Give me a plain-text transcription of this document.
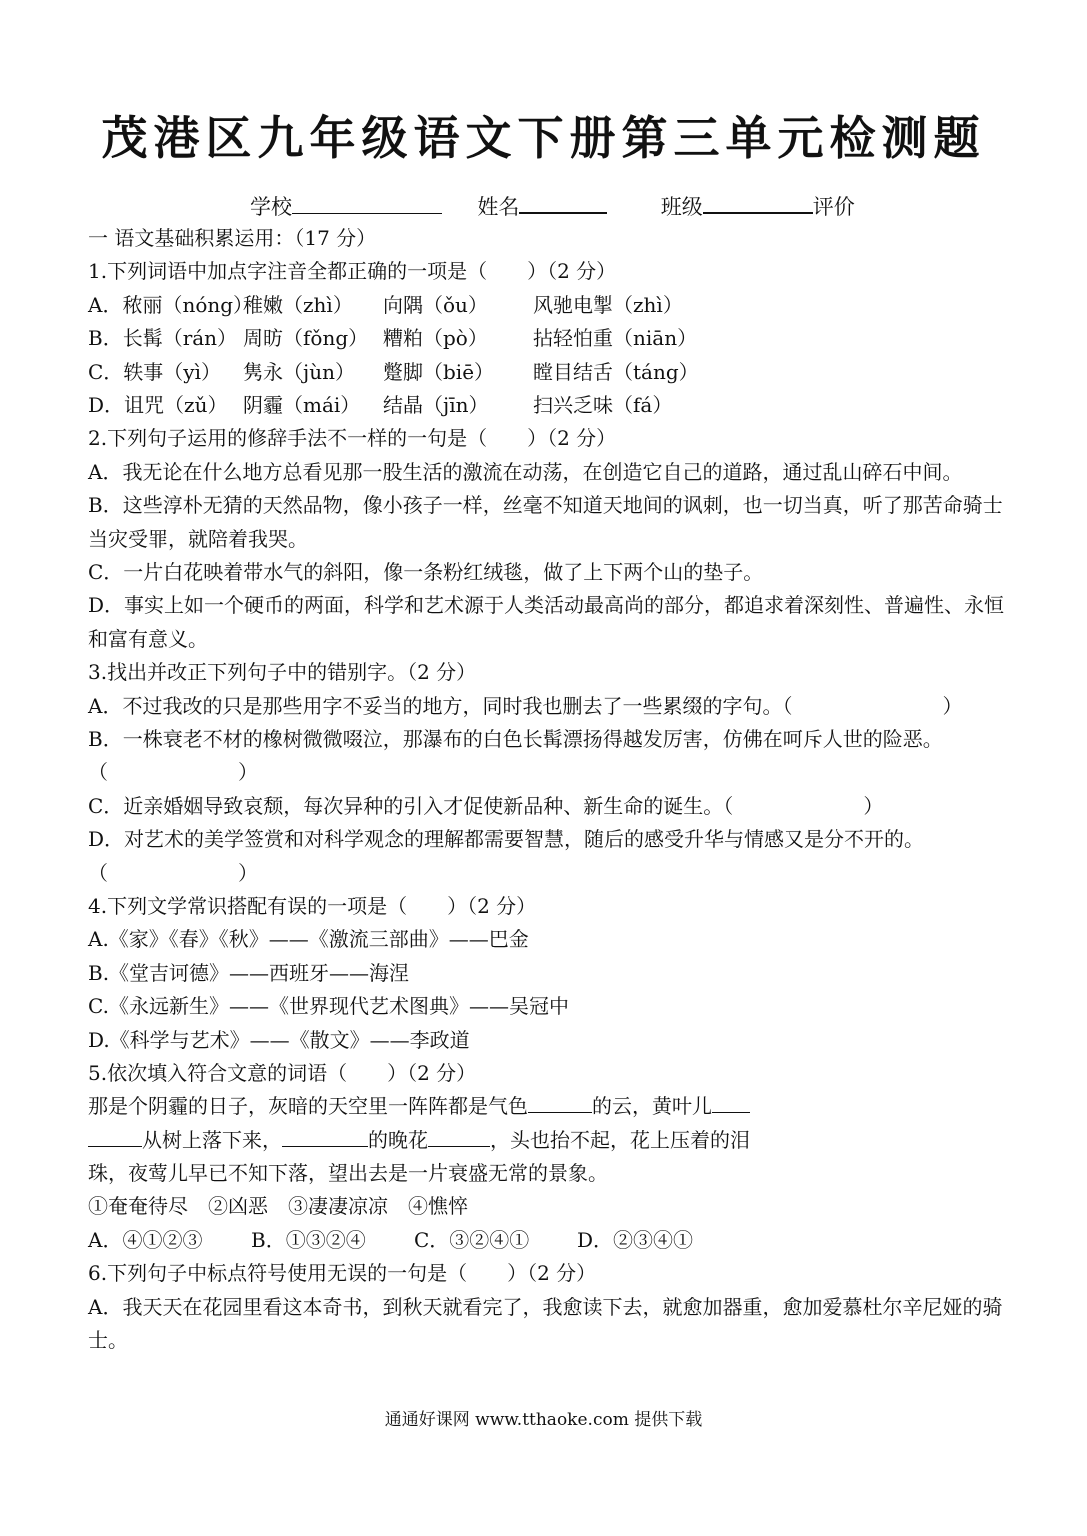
茂港区九年级语文下册第三单元检测题
学校	姓名	班级	评价
一 语文基础积累运用：（17 分）
1.下列词语中加点字注音全都正确的一项是（　　）（2 分）
A．秾丽（nóng）稚嫩（zhì） 向隅（ǒu） 风驰电掣（zhì）
B．长髯（rán） 周昉（fǒng） 糟粕（pò） 拈轻怕重（niān）
C．轶事（yì） 隽永（jùn） 蹩脚（biē） 瞠目结舌（táng）
D．诅咒（zǔ） 阴霾（mái） 结晶（jīn） 扫兴乏味（fá）
2.下列句子运用的修辞手法不一样的一句是（　　）（2 分）
A．我无论在什么地方总看见那一股生活的激流在动荡，在创造它自己的道路，通过乱山碎石中间。
B．这些淳朴无猜的天然品物，像小孩子一样，丝毫不知道天地间的讽刺，也一切当真，听了那苦命骑士当灾受罪，就陪着我哭。
C．一片白花映着带水气的斜阳，像一条粉红绒毯，做了上下两个山的垫子。
D．事实上如一个硬币的两面，科学和艺术源于人类活动最高尚的部分，都追求着深刻性、普遍性、永恒和富有意义。
3.找出并改正下列句子中的错别字。（2 分）
A．不过我改的只是那些用字不妥当的地方，同时我也删去了一些累缀的字句。（	）
B．一株衰老不材的橡树微微啜泣，那瀑布的白色长髯漂扬得越发厉害，仿佛在呵斥人世的险恶。
（	）
C．近亲婚姻导致哀颓，每次异种的引入才促使新品种、新生命的诞生。（	）
D．对艺术的美学签赏和对科学观念的理解都需要智慧，随后的感受升华与情感又是分不开的。
（	）
4.下列文学常识搭配有误的一项是（　　）（2 分）
A.《家》《春》《秋》——《激流三部曲》——巴金
B.《堂吉诃德》——西班牙——海涅
C.《永远新生》——《世界现代艺术图典》——吴冠中
D.《科学与艺术》——《散文》——李政道
5.依次填入符合文意的词语（　　）（2 分）
那是个阴霾的日子，灰暗的天空里一阵阵都是气色	的云，黄叶儿
从树上落下来，	的晚花	，头也抬不起，花上压着的泪
珠，夜莺儿早已不知下落，望出去是一片衰盛无常的景象。
①奄奄待尽　②凶恶　③凄凄凉凉　④憔悴
A．④①②③ B．①③②④ C．③②④① D．②③④①
6.下列句子中标点符号使用无误的一句是（　　）（2 分）
A．我天天在花园里看这本奇书，到秋天就看完了，我愈读下去，就愈加器重，愈加爱慕杜尔辛尼娅的骑士。
通通好课网 www.tthaoke.com 提供下载
